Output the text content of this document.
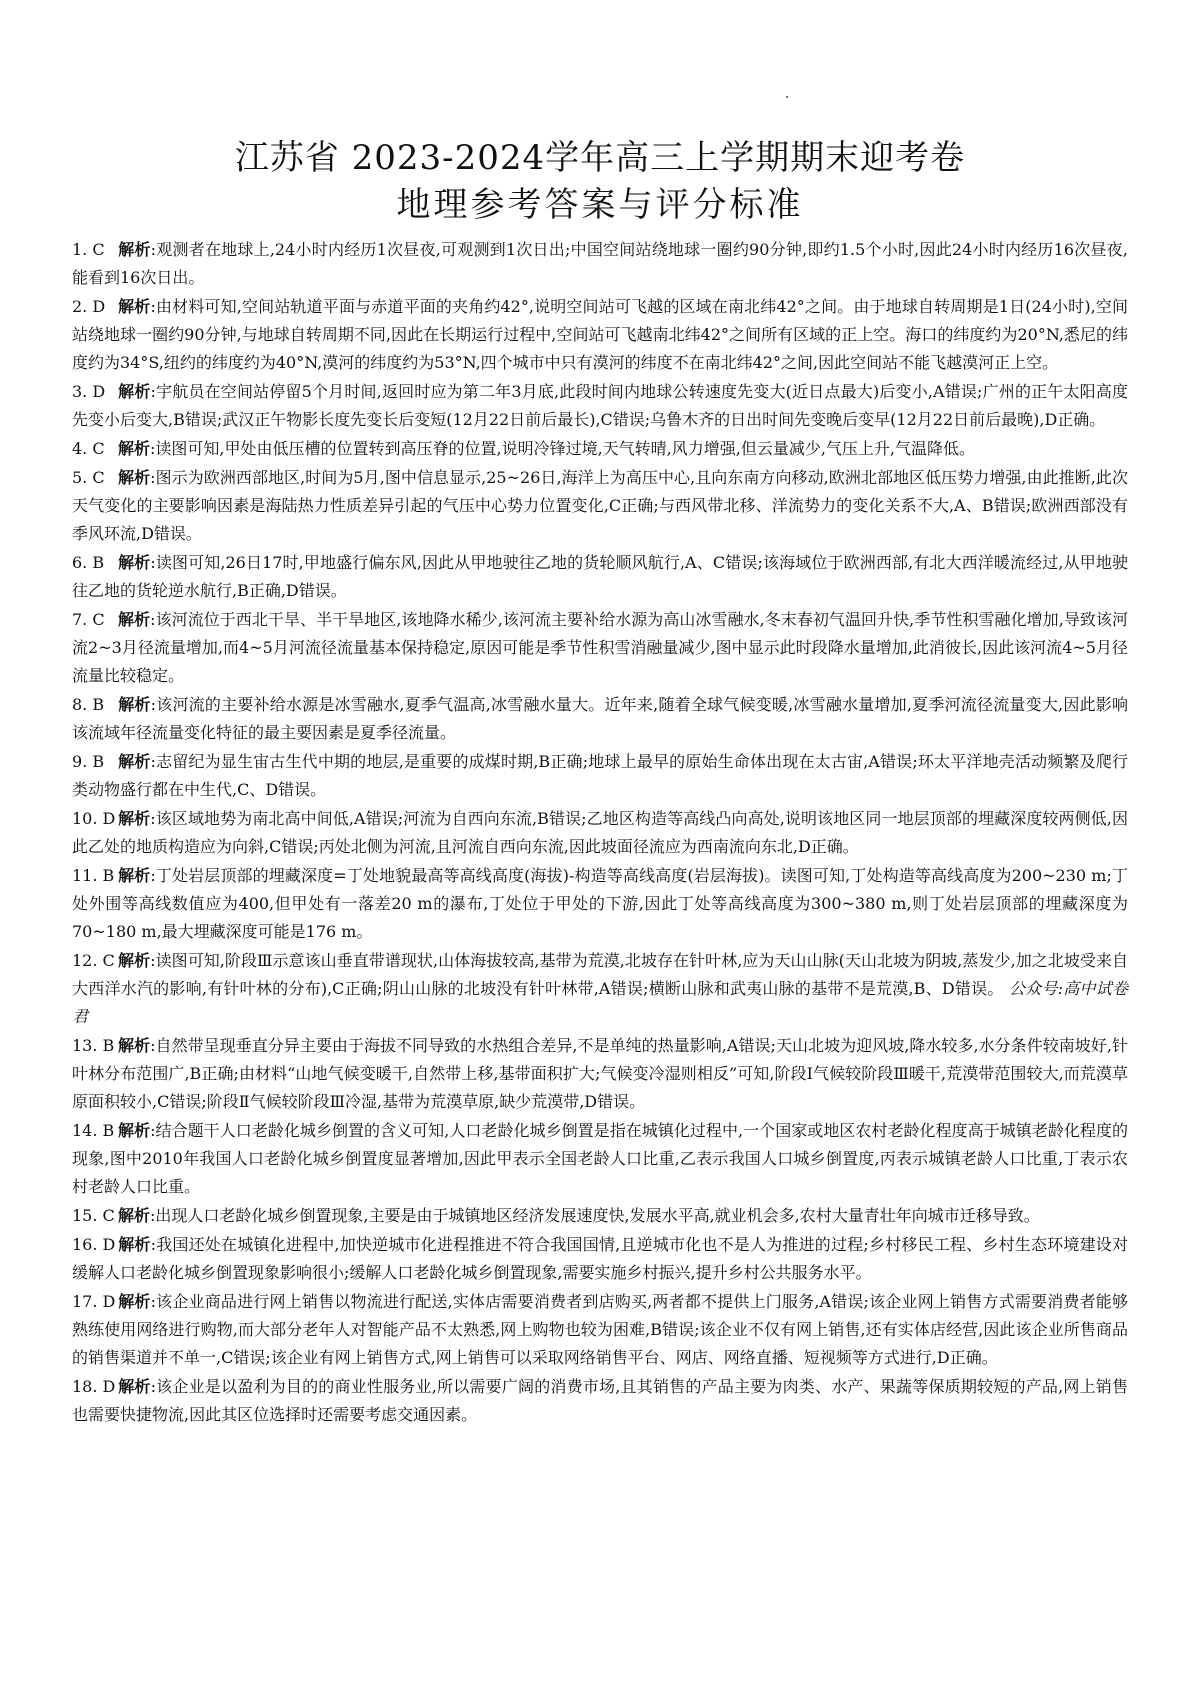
江苏省 2023-2024学年高三上学期期末迎考卷
地理参考答案与评分标准

1. C 解析:观测者在地球上,24小时内经历1次昼夜,可观测到1次日出;中国空间站绕地球一圈约90分钟,即约1.5个小时,因此24小时内经历16次昼夜,能看到16次日出。

2. D 解析:由材料可知,空间站轨道平面与赤道平面的夹角约42°,说明空间站可飞越的区域在南北纬42°之间。由于地球自转周期是1日(24小时),空间站绕地球一圈约90分钟,与地球自转周期不同,因此在长期运行过程中,空间站可飞越南北纬42°之间所有区域的正上空。海口的纬度约为20°N,悉尼的纬度约为34°S,纽约的纬度约为40°N,漠河的纬度约为53°N,四个城市中只有漠河的纬度不在南北纬42°之间,因此空间站不能飞越漠河正上空。

3. D 解析:宇航员在空间站停留5个月时间,返回时应为第二年3月底,此段时间内地球公转速度先变大(近日点最大)后变小,A错误;广州的正午太阳高度先变小后变大,B错误;武汉正午物影长度先变长后变短(12月22日前后最长),C错误;乌鲁木齐的日出时间先变晚后变早(12月22日前后最晚),D正确。

4. C 解析:读图可知,甲处由低压槽的位置转到高压脊的位置,说明冷锋过境,天气转晴,风力增强,但云量减少,气压上升,气温降低。

5. C 解析:图示为欧洲西部地区,时间为5月,图中信息显示,25~26日,海洋上为高压中心,且向东南方向移动,欧洲北部地区低压势力增强,由此推断,此次天气变化的主要影响因素是海陆热力性质差异引起的气压中心势力位置变化,C正确;与西风带北移、洋流势力的变化关系不大,A、B错误;欧洲西部没有季风环流,D错误。

6. B 解析:读图可知,26日17时,甲地盛行偏东风,因此从甲地驶往乙地的货轮顺风航行,A、C错误;该海域位于欧洲西部,有北大西洋暖流经过,从甲地驶往乙地的货轮逆水航行,B正确,D错误。

7. C 解析:该河流位于西北干旱、半干旱地区,该地降水稀少,该河流主要补给水源为高山冰雪融水,冬末春初气温回升快,季节性积雪融化增加,导致该河流2~3月径流量增加,而4~5月河流径流量基本保持稳定,原因可能是季节性积雪消融量减少,图中显示此时段降水量增加,此消彼长,因此该河流4~5月径流量比较稳定。

8. B 解析:该河流的主要补给水源是冰雪融水,夏季气温高,冰雪融水量大。近年来,随着全球气候变暖,冰雪融水量增加,夏季河流径流量变大,因此影响该流域年径流量变化特征的最主要因素是夏季径流量。

9. B 解析:志留纪为显生宙古生代中期的地层,是重要的成煤时期,B正确;地球上最早的原始生命体出现在太古宙,A错误;环太平洋地壳活动频繁及爬行类动物盛行都在中生代,C、D错误。

10. D 解析:该区域地势为南北高中间低,A错误;河流为自西向东流,B错误;乙地区构造等高线凸向高处,说明该地区同一地层顶部的埋藏深度较两侧低,因此乙处的地质构造应为向斜,C错误;丙处北侧为河流,且河流自西向东流,因此坡面径流应为西南流向东北,D正确。

11. B 解析:丁处岩层顶部的埋藏深度=丁处地貌最高等高线高度(海拔)-构造等高线高度(岩层海拔)。读图可知,丁处构造等高线高度为200~230 m;丁处外围等高线数值应为400,但甲处有一落差20 m的瀑布,丁处位于甲处的下游,因此丁处等高线高度为300~380 m,则丁处岩层顶部的埋藏深度为70~180 m,最大埋藏深度可能是176 m。

12. C 解析:读图可知,阶段Ⅲ示意该山垂直带谱现状,山体海拔较高,基带为荒漠,北坡存在针叶林,应为天山山脉(天山北坡为阴坡,蒸发少,加之北坡受来自大西洋水汽的影响,有针叶林的分布),C正确;阴山山脉的北坡没有针叶林带,A错误;横断山脉和武夷山脉的基带不是荒漠,B、D错误。 公众号:高中试卷君

13. B 解析:自然带呈现垂直分异主要由于海拔不同导致的水热组合差异,不是单纯的热量影响,A错误;天山北坡为迎风坡,降水较多,水分条件较南坡好,针叶林分布范围广,B正确;由材料“山地气候变暖干,自然带上移,基带面积扩大;气候变冷湿则相反”可知,阶段Ⅰ气候较阶段Ⅲ暖干,荒漠带范围较大,而荒漠草原面积较小,C错误;阶段Ⅱ气候较阶段Ⅲ冷湿,基带为荒漠草原,缺少荒漠带,D错误。

14. B 解析:结合题干人口老龄化城乡倒置的含义可知,人口老龄化城乡倒置是指在城镇化过程中,一个国家或地区农村老龄化程度高于城镇老龄化程度的现象,图中2010年我国人口老龄化城乡倒置度显著增加,因此甲表示全国老龄人口比重,乙表示我国人口城乡倒置度,丙表示城镇老龄人口比重,丁表示农村老龄人口比重。

15. C 解析:出现人口老龄化城乡倒置现象,主要是由于城镇地区经济发展速度快,发展水平高,就业机会多,农村大量青壮年向城市迁移导致。

16. D 解析:我国还处在城镇化进程中,加快逆城市化进程推进不符合我国国情,且逆城市化也不是人为推进的过程;乡村移民工程、乡村生态环境建设对缓解人口老龄化城乡倒置现象影响很小;缓解人口老龄化城乡倒置现象,需要实施乡村振兴,提升乡村公共服务水平。

17. D 解析:该企业商品进行网上销售以物流进行配送,实体店需要消费者到店购买,两者都不提供上门服务,A错误;该企业网上销售方式需要消费者能够熟练使用网络进行购物,而大部分老年人对智能产品不太熟悉,网上购物也较为困难,B错误;该企业不仅有网上销售,还有实体店经营,因此该企业所售商品的销售渠道并不单一,C错误;该企业有网上销售方式,网上销售可以采取网络销售平台、网店、网络直播、短视频等方式进行,D正确。

18. D 解析:该企业是以盈利为目的的商业性服务业,所以需要广阔的消费市场,且其销售的产品主要为肉类、水产、果蔬等保质期较短的产品,网上销售也需要快捷物流,因此其区位选择时还需要考虑交通因素。
